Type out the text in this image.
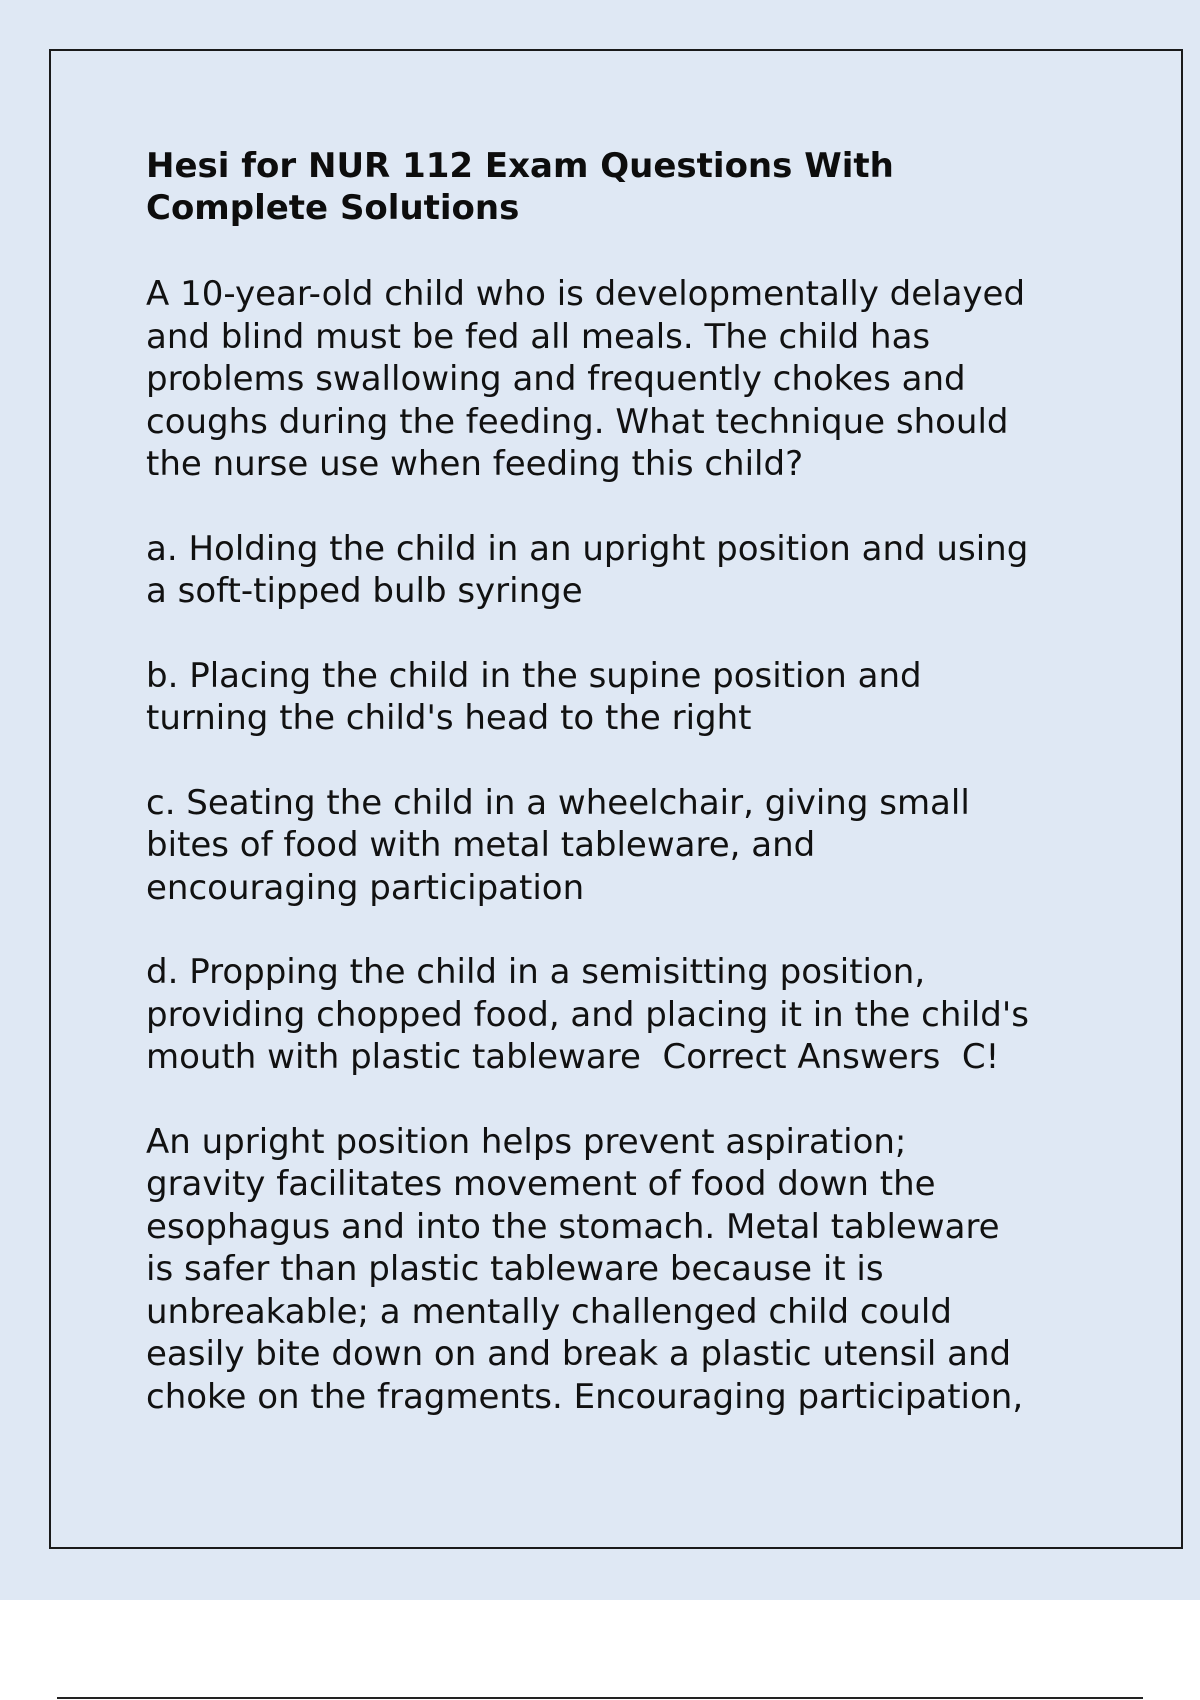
Hesi for NUR 112 Exam Questions With
Complete Solutions

A 10-year-old child who is developmentally delayed
and blind must be fed all meals. The child has
problems swallowing and frequently chokes and
coughs during the feeding. What technique should
the nurse use when feeding this child?

a. Holding the child in an upright position and using
a soft-tipped bulb syringe

b. Placing the child in the supine position and
turning the child's head to the right

c. Seating the child in a wheelchair, giving small
bites of food with metal tableware, and
encouraging participation

d. Propping the child in a semisitting position,
providing chopped food, and placing it in the child's
mouth with plastic tableware  Correct Answers  C!

An upright position helps prevent aspiration;
gravity facilitates movement of food down the
esophagus and into the stomach. Metal tableware
is safer than plastic tableware because it is
unbreakable; a mentally challenged child could
easily bite down on and break a plastic utensil and
choke on the fragments. Encouraging participation,
